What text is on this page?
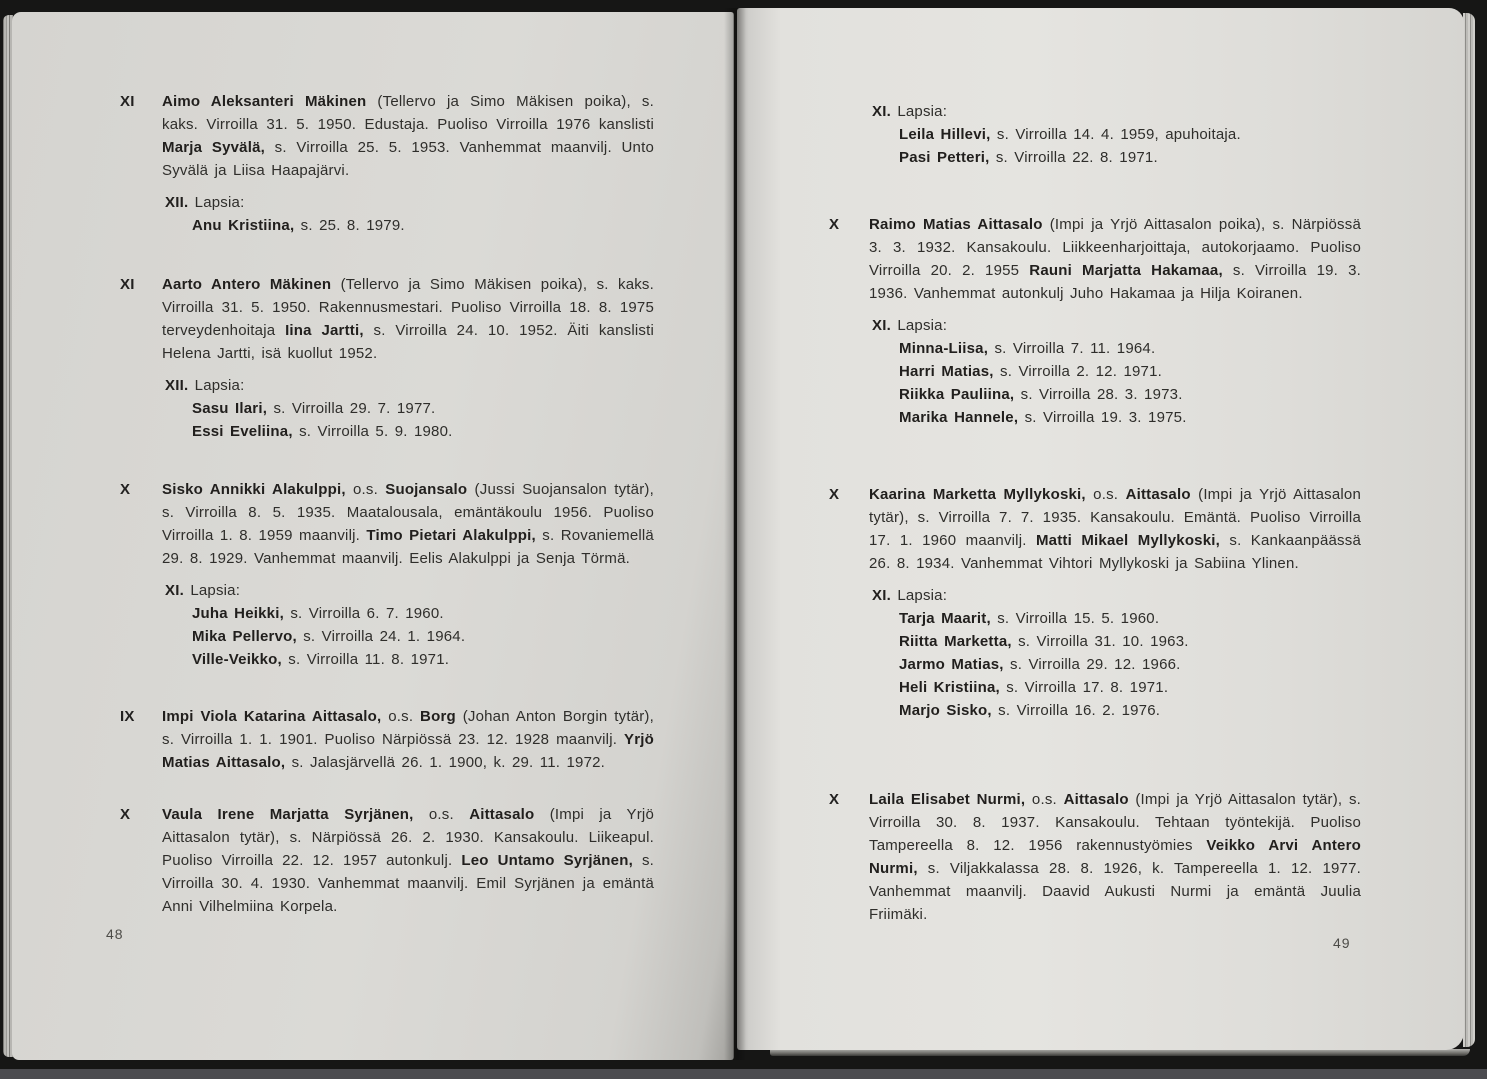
XI	Aimo Aleksanteri Mäkinen (Tellervo ja Simo Mäkisen poika), s. kaks. Virroilla 31. 5. 1950. Edustaja. Puoliso Virroilla 1976 kanslisti Marja Syvälä, s. Virroilla 25. 5. 1953. Vanhemmat maanvilj. Unto Syvälä ja Liisa Haapajärvi.

XII. Lapsia:
Anu Kristiina, s. 25. 8. 1979.
XI	Aarto Antero Mäkinen (Tellervo ja Simo Mäkisen poika), s. kaks. Virroilla 31. 5. 1950. Rakennusmestari. Puoliso Virroilla 18. 8. 1975 terveydenhoitaja Iina Jartti, s. Virroilla 24. 10. 1952. Äiti kanslisti Helena Jartti, isä kuollut 1952.

XII. Lapsia:
Sasu Ilari, s. Virroilla 29. 7. 1977.
Essi Eveliina, s. Virroilla 5. 9. 1980.
X	Sisko Annikki Alakulppi, o.s. Suojansalo (Jussi Suojansalon tytär), s. Virroilla 8. 5. 1935. Maatalousala, emäntäkoulu 1956. Puoliso Virroilla 1. 8. 1959 maanvilj. Timo Pietari Alakulppi, s. Rovaniemellä 29. 8. 1929. Vanhemmat maanvilj. Eelis Alakulppi ja Senja Törmä.

XI. Lapsia:
Juha Heikki, s. Virroilla 6. 7. 1960.
Mika Pellervo, s. Virroilla 24. 1. 1964.
Ville-Veikko, s. Virroilla 11. 8. 1971.
IX	Impi Viola Katarina Aittasalo, o.s. Borg (Johan Anton Borgin tytär), s. Virroilla 1. 1. 1901. Puoliso Närpiössä 23. 12. 1928 maanvilj. Yrjö Matias Aittasalo, s. Jalasjärvellä 26. 1. 1900, k. 29. 11. 1972.

X	Vaula Irene Marjatta Syrjänen, o.s. Aittasalo (Impi ja Yrjö Aittasalon tytär), s. Närpiössä 26. 2. 1930. Kansakoulu. Liikeapul. Puoliso Virroilla 22. 12. 1957 autonkulj. Leo Untamo Syrjänen, s. Virroilla 30. 4. 1930. Vanhemmat maanvilj. Emil Syrjänen ja emäntä Anni Vilhelmiina Korpela.

48
XI. Lapsia:
Leila Hillevi, s. Virroilla 14. 4. 1959, apuhoitaja.
Pasi Petteri, s. Virroilla 22. 8. 1971.
X	Raimo Matias Aittasalo (Impi ja Yrjö Aittasalon poika), s. Närpiössä 3. 3. 1932. Kansakoulu. Liikkeenharjoittaja, autokorjaamo. Puoliso Virroilla 20. 2. 1955 Rauni Marjatta Hakamaa, s. Virroilla 19. 3. 1936. Vanhemmat autonkulj Juho Hakamaa ja Hilja Koiranen.

XI. Lapsia:
Minna-Liisa, s. Virroilla 7. 11. 1964.
Harri Matias, s. Virroilla 2. 12. 1971.
Riikka Pauliina, s. Virroilla 28. 3. 1973.
Marika Hannele, s. Virroilla 19. 3. 1975.
X	Kaarina Marketta Myllykoski, o.s. Aittasalo (Impi ja Yrjö Aittasalon tytär), s. Virroilla 7. 7. 1935. Kansakoulu. Emäntä. Puoliso Virroilla 17. 1. 1960 maanvilj. Matti Mikael Myllykoski, s. Kankaanpäässä 26. 8. 1934. Vanhemmat Vihtori Myllykoski ja Sabiina Ylinen.

XI. Lapsia:
Tarja Maarit, s. Virroilla 15. 5. 1960.
Riitta Marketta, s. Virroilla 31. 10. 1963.
Jarmo Matias, s. Virroilla 29. 12. 1966.
Heli Kristiina, s. Virroilla 17. 8. 1971.
Marjo Sisko, s. Virroilla 16. 2. 1976.
X	Laila Elisabet Nurmi, o.s. Aittasalo (Impi ja Yrjö Aittasalon tytär), s. Virroilla 30. 8. 1937. Kansakoulu. Tehtaan työntekijä. Puoliso Tampereella 8. 12. 1956 rakennustyömies Veikko Arvi Antero Nurmi, s. Viljakkalassa 28. 8. 1926, k. Tampereella 1. 12. 1977. Vanhemmat maanvilj. Daavid Aukusti Nurmi ja emäntä Juulia Friimäki.

49
